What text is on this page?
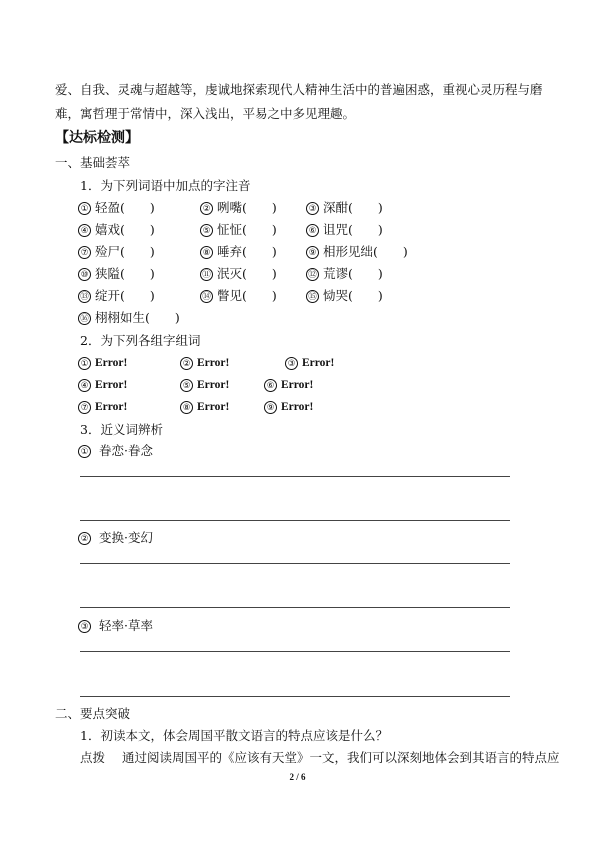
爱、自我、灵魂与超越等，虔诚地探索现代人精神生活中的普遍困惑，重视心灵历程与磨
难，寓哲理于常情中，深入浅出，平易之中多见理趣。
【达标检测】
一、基础荟萃
1．为下列词语中加点的字注音
① 轻盈(　　)	② 咧嘴(　　)	③ 深酣(　　)
④ 嬉戏(　　)	⑤ 怔怔(　　)	⑥ 诅咒(　　)
⑦ 殓尸(　　)	⑧ 唾弃(　　)	⑨ 相形见绌(　　)
⑩ 狭隘(　　)	⑪ 泯灭(　　)	⑫ 荒谬(　　)
⑬ 绽开(　　)	⑭ 瞥见(　　)	⑮ 恸哭(　　)
⑯ 栩栩如生(　　)
2．为下列各组字组词
① Error!	② Error!	③ Error!
④ Error!	⑤ Error!	⑥ Error!
⑦ Error!	⑧ Error!	⑨ Error!
3．近义词辨析
① 眷恋·眷念
② 变换·变幻
③ 轻率·草率
二、要点突破
1．初读本文，体会周国平散文语言的特点应该是什么？
点拨 通过阅读周国平的《应该有天堂》一文，我们可以深刻地体会到其语言的特点应
2 / 6
